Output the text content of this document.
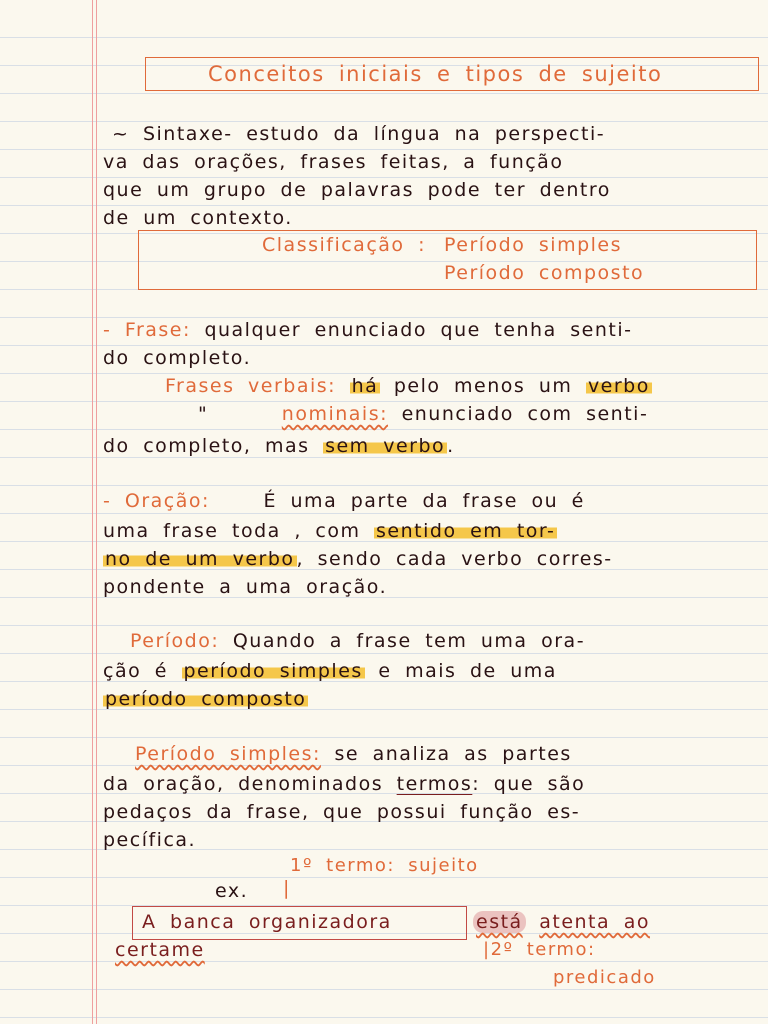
Conceitos iniciais e tipos de sujeito
~ Sintaxe- estudo da língua na perspecti-
va das orações, frases feitas, a função
que um grupo de palavras pode ter dentro
de um contexto.
Classificação : Período simples
Período composto
- Frase: qualquer enunciado que tenha senti-
do completo.
Frases verbais: há pelo menos um verbo
"	nominais: enunciado com senti-
do completo, mas sem verbo .
- Oração:	É uma parte da frase ou é
uma frase toda , com sentido em tor-
no de um verbo , sendo cada verbo corres-
pondente a uma oração.
Período: Quando a frase tem uma ora-
ção é período simples e mais de uma
período composto
Período simples: se analiza as partes
da oração, denominados termos: que são
pedaços da frase, que possui função es-
pecífica.
1º termo: sujeito
ex. |
A banca organizadora	está atenta ao
certame	|2º termo:
predicado
